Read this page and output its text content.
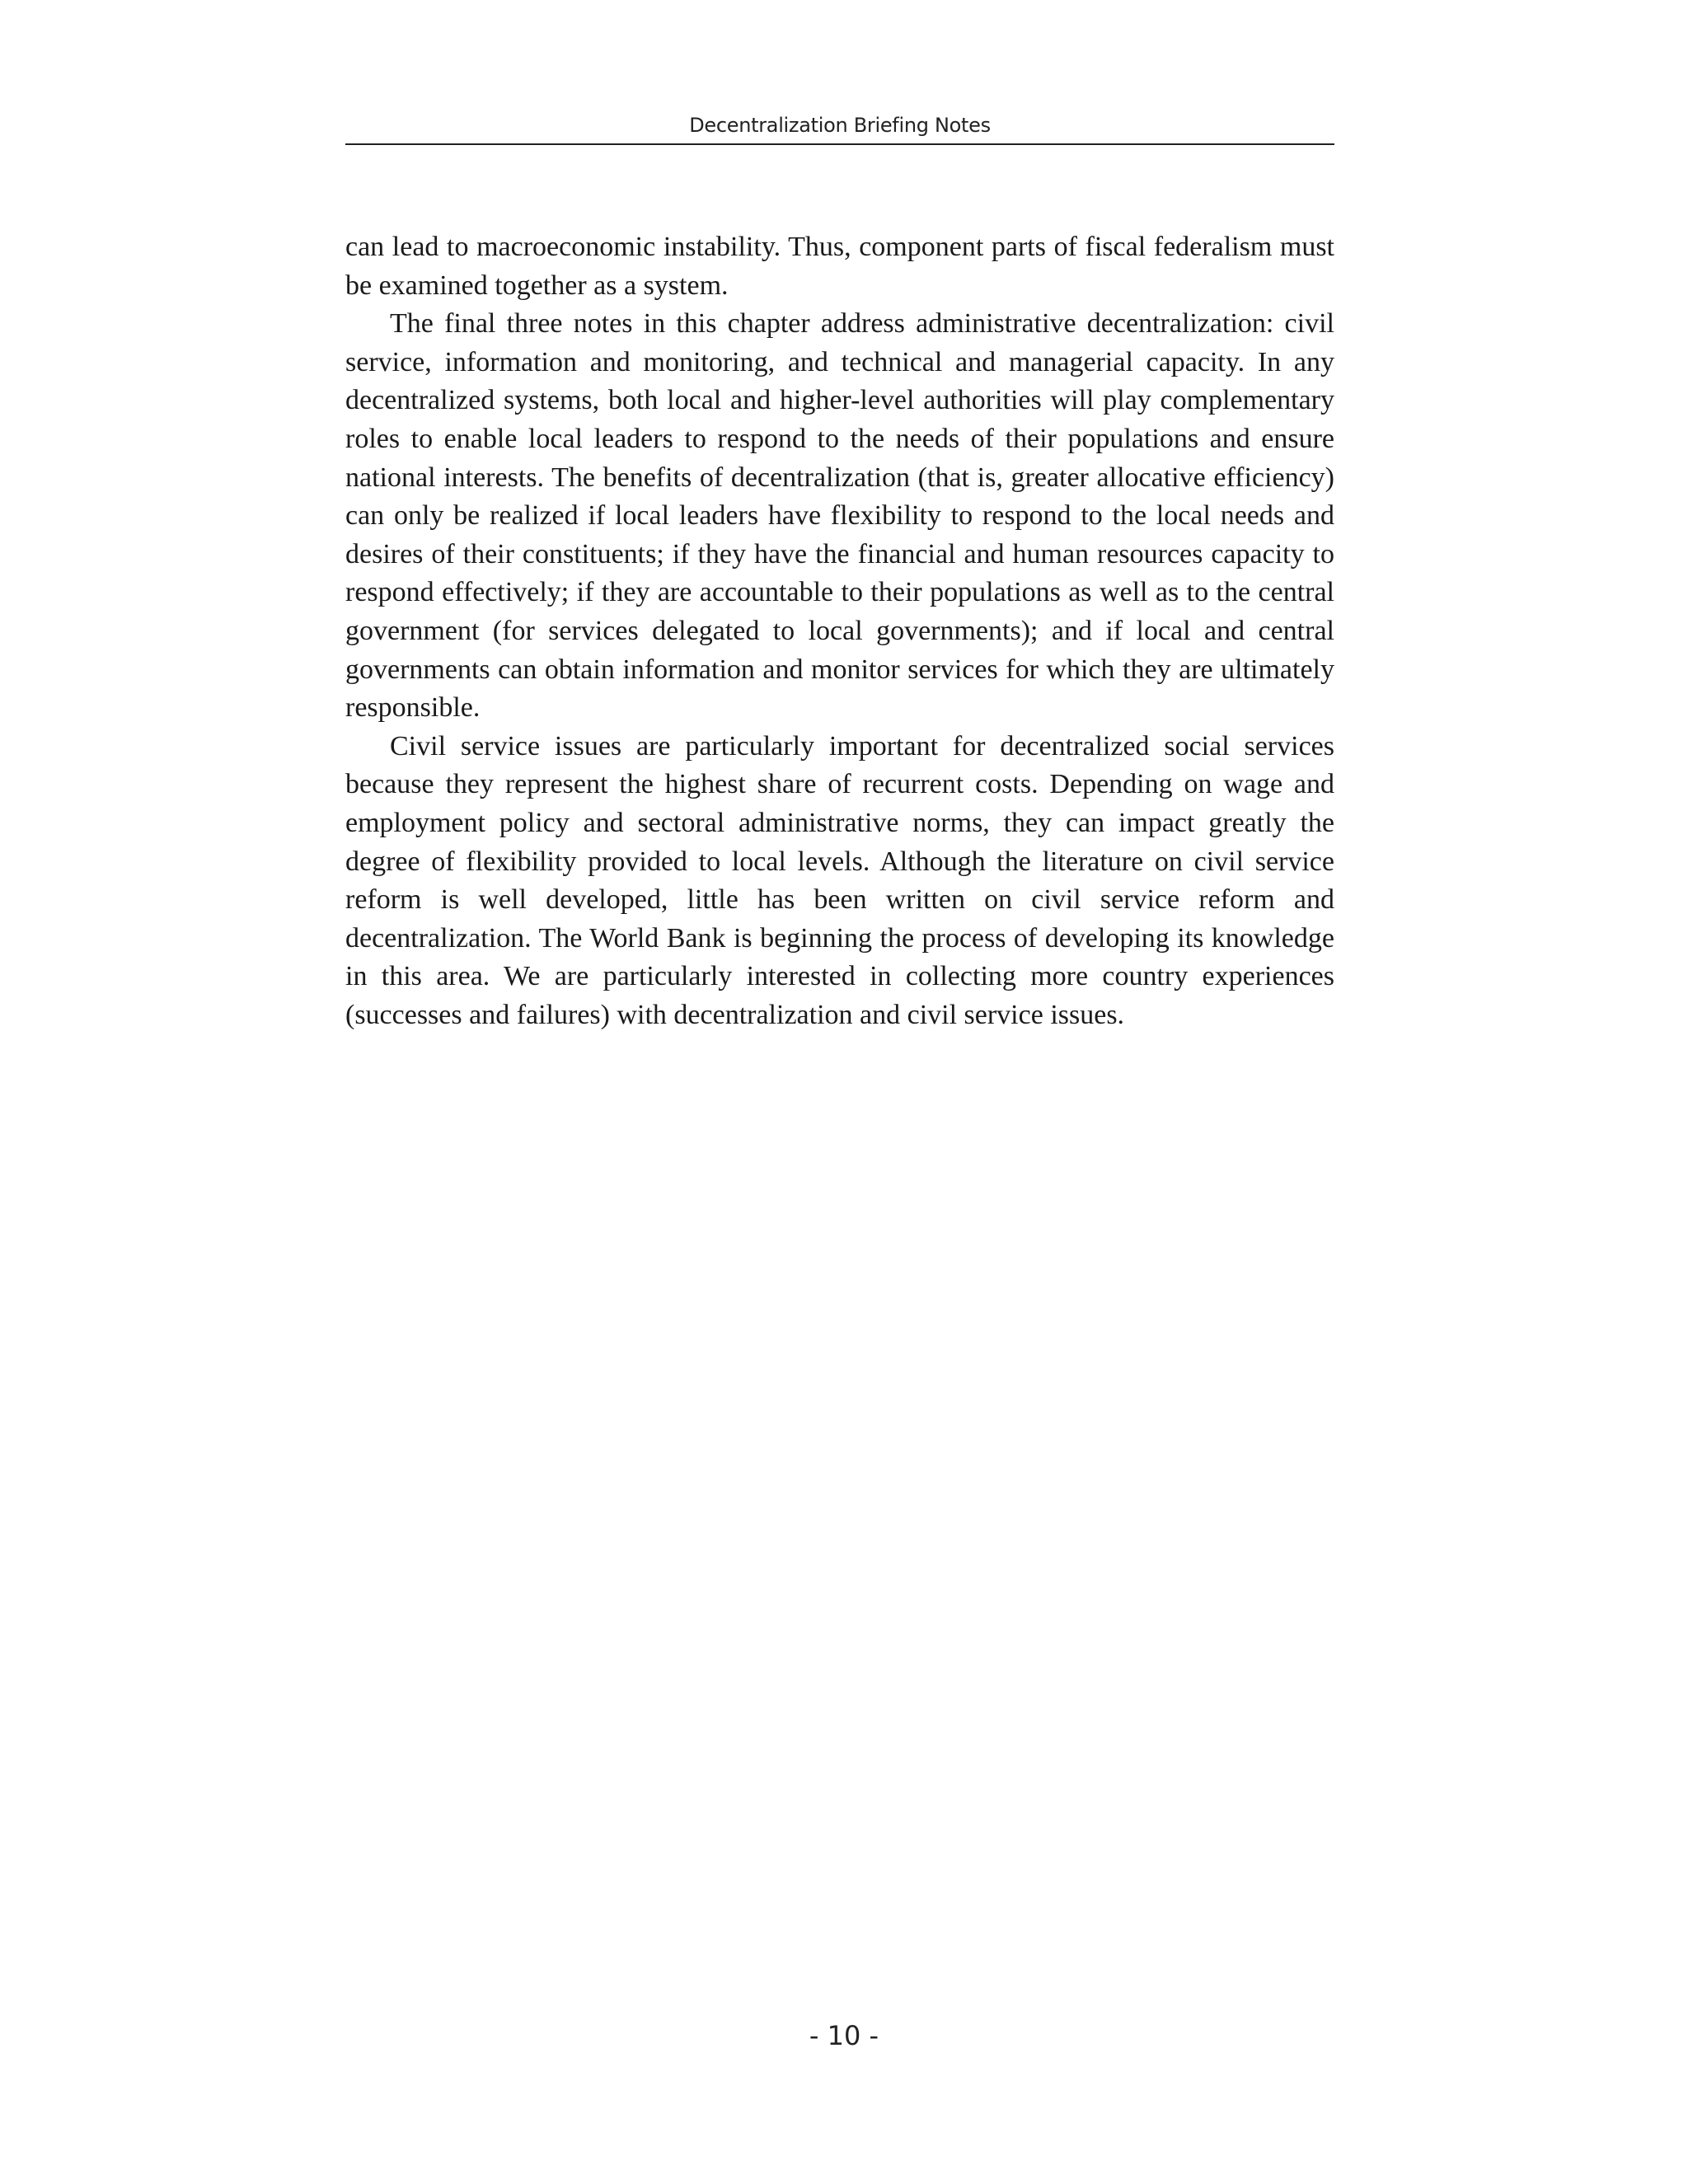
Decentralization Briefing Notes

can lead to macroeconomic instability. Thus, component parts of fiscal federalism must be examined together as a system.

The final three notes in this chapter address administrative decentralization: civil service, information and monitoring, and technical and managerial capacity. In any decentralized systems, both local and higher-level authorities will play complementary roles to enable local leaders to respond to the needs of their populations and ensure national interests. The benefits of decentralization (that is, greater allocative efficiency) can only be realized if local leaders have flexibility to respond to the local needs and desires of their constituents; if they have the financial and human resources capacity to respond effectively; if they are accountable to their populations as well as to the central government (for services delegated to local governments); and if local and central governments can obtain information and monitor services for which they are ultimately responsible.

Civil service issues are particularly important for decentralized social services because they represent the highest share of recurrent costs. Depending on wage and employment policy and sectoral administrative norms, they can impact greatly the degree of flexibility provided to local levels. Although the literature on civil service reform is well developed, little has been written on civil service reform and decentralization. The World Bank is beginning the process of developing its knowledge in this area. We are particularly interested in collecting more country experiences (successes and failures) with decentralization and civil service issues.

- 10 -
